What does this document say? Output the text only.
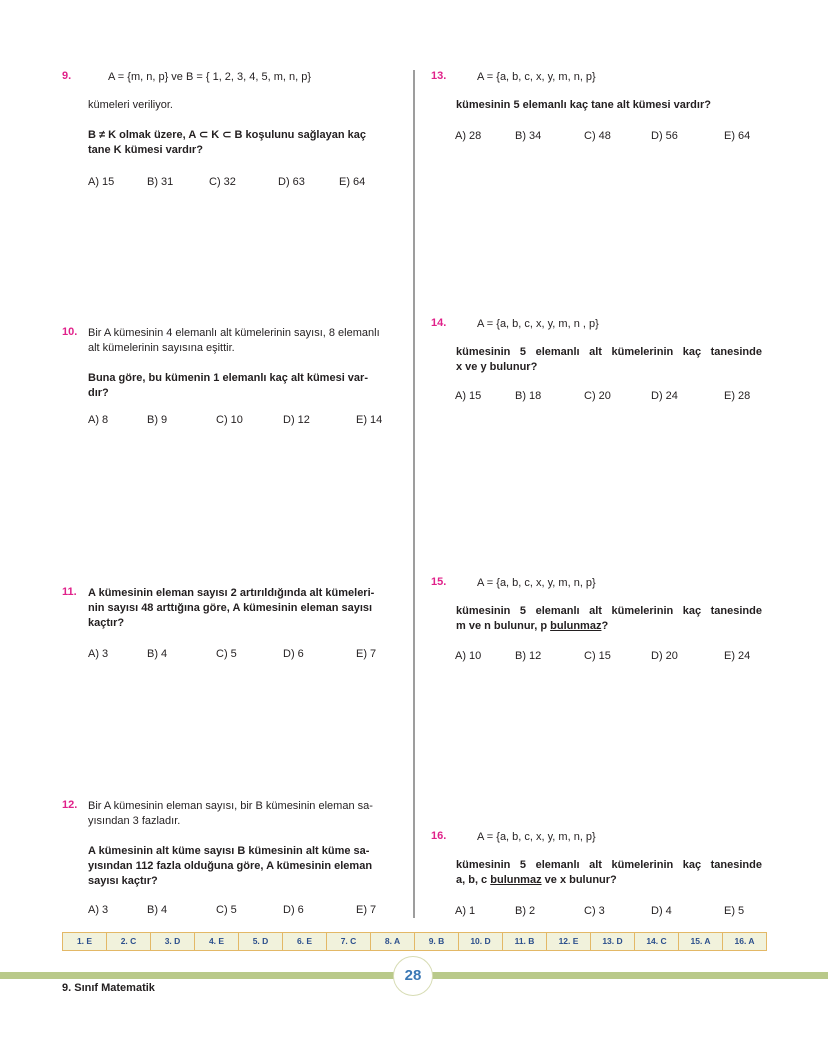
9.	A = {m, n, p} ve B = { 1, 2, 3, 4, 5, m, n, p}
kümeleri veriliyor.
B ≠ K olmak üzere, A ⊂ K ⊂ B koşulunu sağlayan kaç
tane K kümesi vardır?
A) 15	B) 31	C) 32	D) 63	E) 64
10. Bir A kümesinin 4 elemanlı alt kümelerinin sayısı, 8 elemanlı
alt kümelerinin sayısına eşittir.
Buna göre, bu kümenin 1 elemanlı kaç alt kümesi var-
dır?
A) 8	B) 9	C) 10	D) 12	E) 14
11. A kümesinin eleman sayısı 2 artırıldığında alt kümeleri-
nin sayısı 48 arttığına göre, A kümesinin eleman sayısı
kaçtır?
A) 3	B) 4	C) 5	D) 6	E) 7
12. Bir A kümesinin eleman sayısı, bir B kümesinin eleman sa-
yısından 3 fazladır.
A kümesinin alt küme sayısı B kümesinin alt küme sa-
yısından 112 fazla olduğuna göre, A kümesinin eleman
sayısı kaçtır?
A) 3	B) 4	C) 5	D) 6	E) 7
13.	A = {a, b, c, x, y, m, n, p}
kümesinin 5 elemanlı kaç tane alt kümesi vardır?
A) 28	B) 34	C) 48	D) 56	E) 64
14.	A = {a, b, c, x, y, m, n , p}
kümesinin 5 elemanlı alt kümelerinin kaç tanesinde
x ve y bulunur?
A) 15	B) 18	C) 20	D) 24	E) 28
15.	A = {a, b, c, x, y, m, n, p}
kümesinin 5 elemanlı alt kümelerinin kaç tanesinde
m ve n bulunur, p bulunmaz?
A) 10	B) 12	C) 15	D) 20	E) 24
16.	A = {a, b, c, x, y, m, n, p}
kümesinin 5 elemanlı alt kümelerinin kaç tanesinde
a, b, c bulunmaz ve x bulunur?
A) 1	B) 2	C) 3	D) 4	E) 5
1. E	2. C	3. D	4. E	5. D	6. E	7. C	8. A	9. B	10. D	11. B	12. E	13. D	14. C	15. A	16. A
28
9. Sınıf Matematik
